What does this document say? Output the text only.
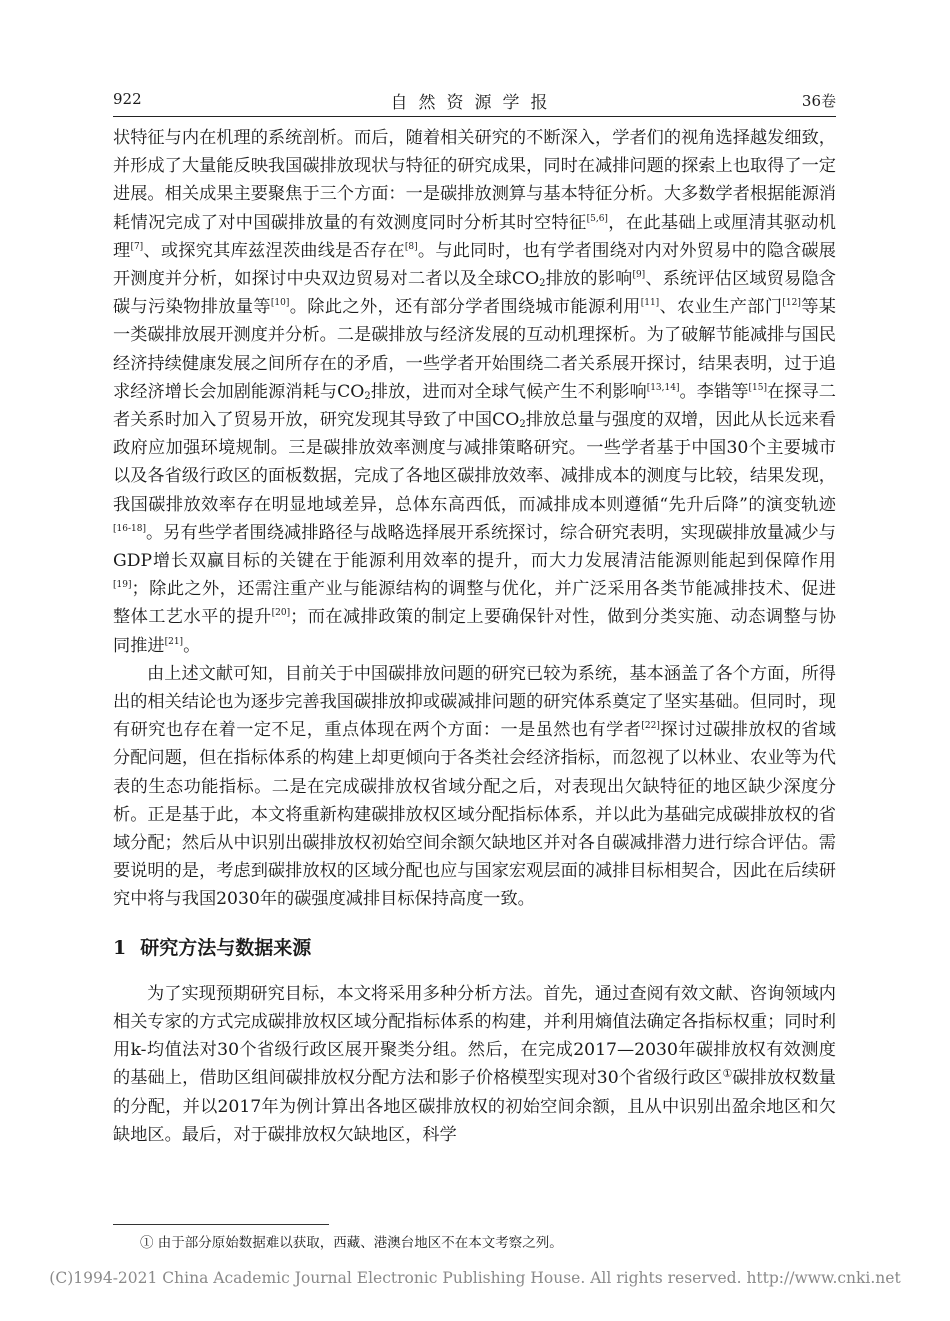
922	自然资源学报	36卷

状特征与内在机理的系统剖析。而后，随着相关研究的不断深入，学者们的视角选择越发细致，并形成了大量能反映我国碳排放现状与特征的研究成果，同时在减排问题的探索上也取得了一定进展。相关成果主要聚焦于三个方面：一是碳排放测算与基本特征分析。大多数学者根据能源消耗情况完成了对中国碳排放量的有效测度同时分析其时空特征[5,6]，在此基础上或厘清其驱动机理[7]、或探究其库兹涅茨曲线是否存在[8]。与此同时，也有学者围绕对内对外贸易中的隐含碳展开测度并分析，如探讨中央双边贸易对二者以及全球$CO_2$排放的影响[9]、系统评估区域贸易隐含碳与污染物排放量等[10]。除此之外，还有部分学者围绕城市能源利用[11]、农业生产部门[12]等某一类碳排放展开测度并分析。二是碳排放与经济发展的互动机理探析。为了破解节能减排与国民经济持续健康发展之间所存在的矛盾，一些学者开始围绕二者关系展开探讨，结果表明，过于追求经济增长会加剧能源消耗与$CO_2$排放，进而对全球气候产生不利影响[13,14]。李锴等[15]在探寻二者关系时加入了贸易开放，研究发现其导致了中国$CO_2$排放总量与强度的双增，因此从长远来看政府应加强环境规制。三是碳排放效率测度与减排策略研究。一些学者基于中国30个主要城市以及各省级行政区的面板数据，完成了各地区碳排放效率、减排成本的测度与比较，结果发现，我国碳排放效率存在明显地域差异，总体东高西低，而减排成本则遵循“先升后降”的演变轨迹[16-18]。另有些学者围绕减排路径与战略选择展开系统探讨，综合研究表明，实现碳排放量减少与GDP增长双赢目标的关键在于能源利用效率的提升，而大力发展清洁能源则能起到保障作用[19]；除此之外，还需注重产业与能源结构的调整与优化，并广泛采用各类节能减排技术、促进整体工艺水平的提升[20]；而在减排政策的制定上要确保针对性，做到分类实施、动态调整与协同推进[21]。

由上述文献可知，目前关于中国碳排放问题的研究已较为系统，基本涵盖了各个方面，所得出的相关结论也为逐步完善我国碳排放抑或碳减排问题的研究体系奠定了坚实基础。但同时，现有研究也存在着一定不足，重点体现在两个方面：一是虽然也有学者[22]探讨过碳排放权的省域分配问题，但在指标体系的构建上却更倾向于各类社会经济指标，而忽视了以林业、农业等为代表的生态功能指标。二是在完成碳排放权省域分配之后，对表现出欠缺特征的地区缺少深度分析。正是基于此，本文将重新构建碳排放权区域分配指标体系，并以此为基础完成碳排放权的省域分配；然后从中识别出碳排放权初始空间余额欠缺地区并对各自碳减排潜力进行综合评估。需要说明的是，考虑到碳排放权的区域分配也应与国家宏观层面的减排目标相契合，因此在后续研究中将与我国2030年的碳强度减排目标保持高度一致。

1 研究方法与数据来源

为了实现预期研究目标，本文将采用多种分析方法。首先，通过查阅有效文献、咨询领域内相关专家的方式完成碳排放权区域分配指标体系的构建，并利用熵值法确定各指标权重；同时利用k-均值法对30个省级行政区展开聚类分组。然后，在完成2017—2030年碳排放权有效测度的基础上，借助区组间碳排放权分配方法和影子价格模型实现对30个省级行政区①碳排放权数量的分配，并以2017年为例计算出各地区碳排放权的初始空间余额，且从中识别出盈余地区和欠缺地区。最后，对于碳排放权欠缺地区，科学

① 由于部分原始数据难以获取，西藏、港澳台地区不在本文考察之列。
(C)1994-2021 China Academic Journal Electronic Publishing House. All rights reserved. http://www.cnki.net
